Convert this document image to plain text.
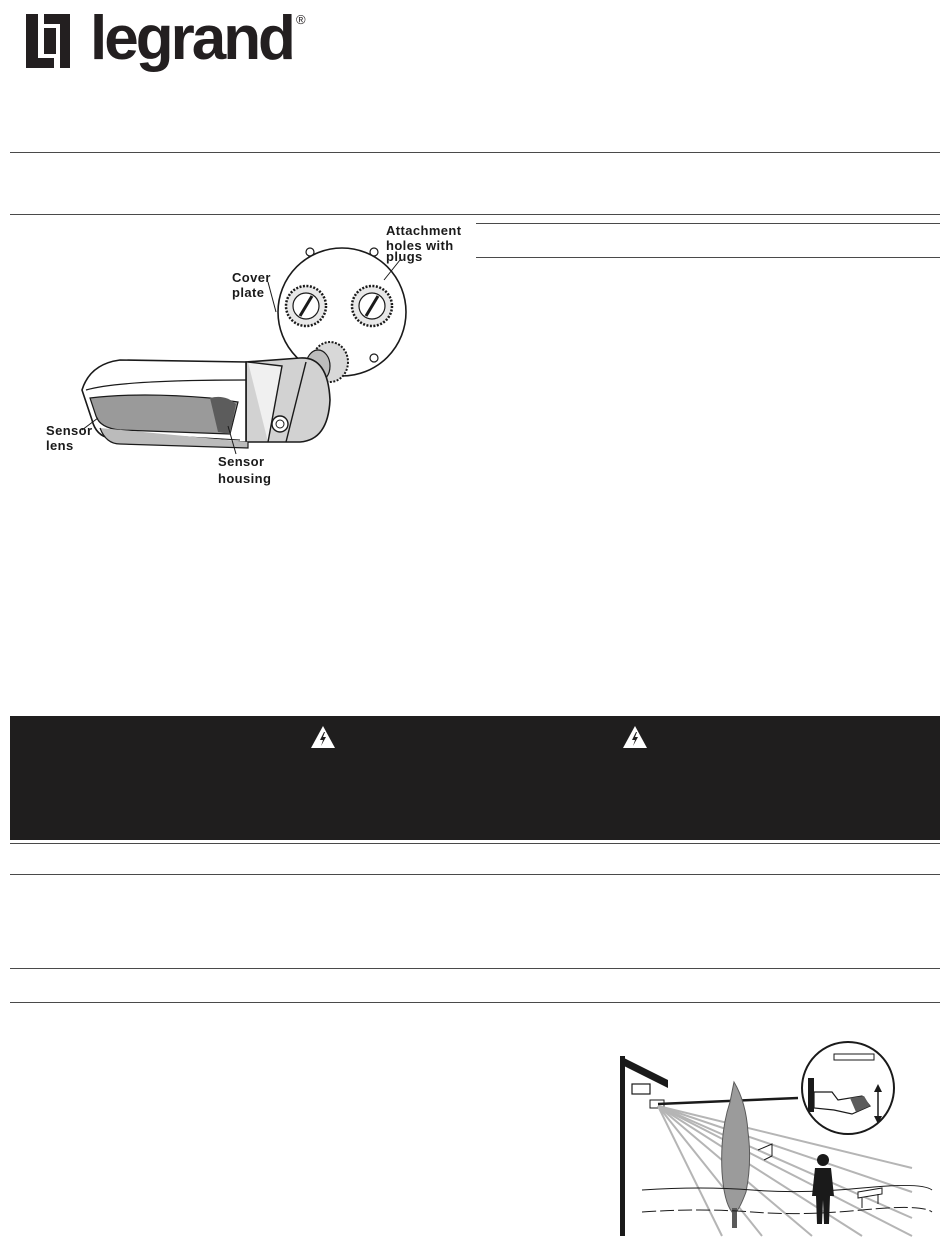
legrand ®
Attachment
holes with
plugs
Cover
plate
Sensor
lens
Sensor
housing
